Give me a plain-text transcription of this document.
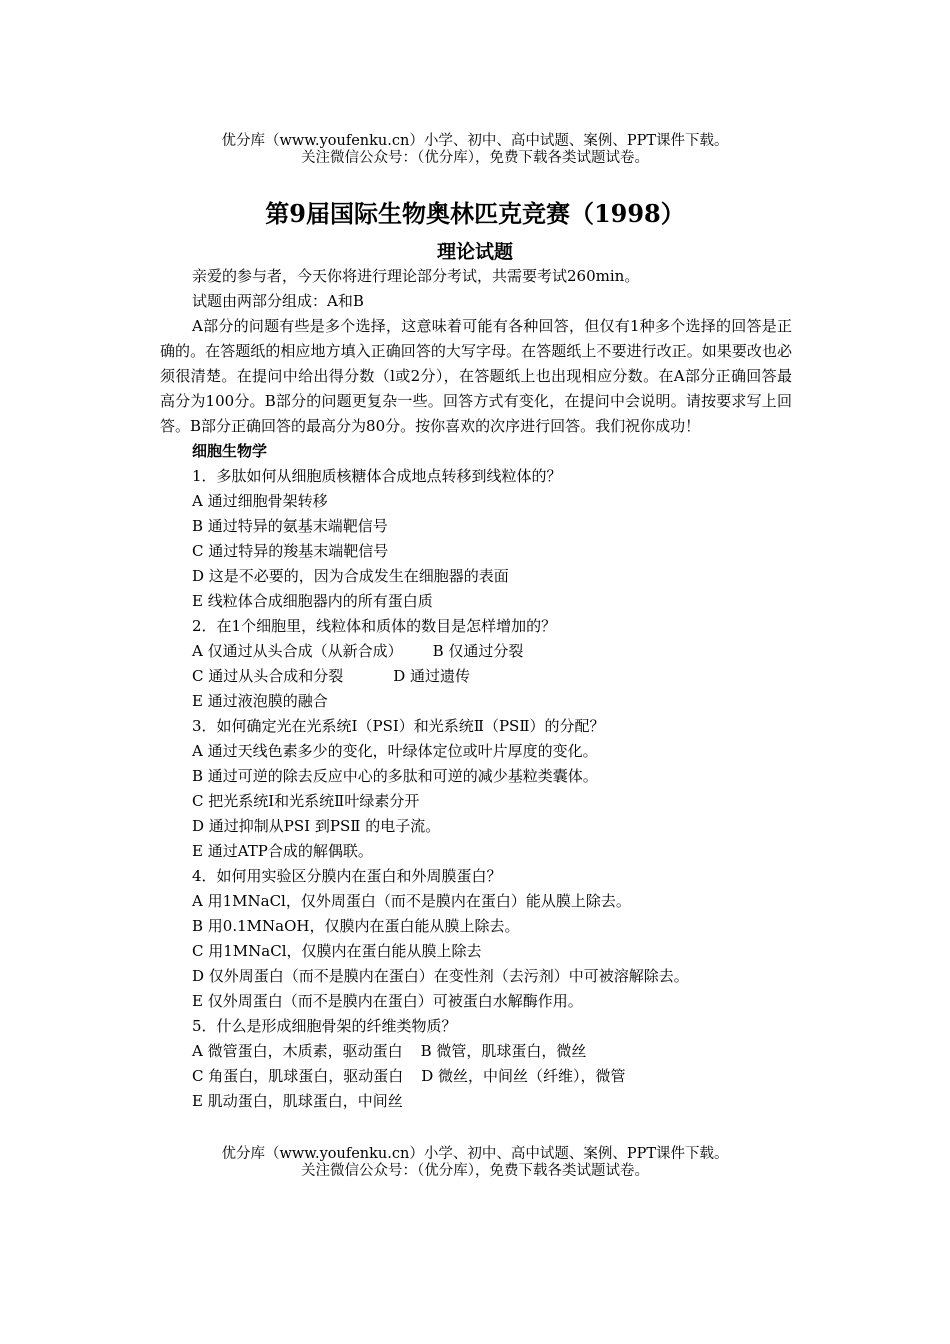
优分库（www.youfenku.cn）小学、初中、高中试题、案例、PPT课件下载。
关注微信公众号：（优分库），免费下载各类试题试卷。
第9届国际生物奥林匹克竞赛（1998）
理论试题
亲爱的参与者，今天你将进行理论部分考试，共需要考试260min。
试题由两部分组成：A和B
A部分的问题有些是多个选择，这意味着可能有各种回答，但仅有1种多个选择的回答是正确的。在答题纸的相应地方填入正确回答的大写字母。在答题纸上不要进行改正。如果要改也必须很清楚。在提问中给出得分数（l或2分），在答题纸上也出现相应分数。在A部分正确回答最高分为100分。B部分的问题更复杂一些。回答方式有变化，在提问中会说明。请按要求写上回答。B部分正确回答的最高分为80分。按你喜欢的次序进行回答。我们祝你成功！
细胞生物学
1．多肽如何从细胞质核糖体合成地点转移到线粒体的？
A 通过细胞骨架转移
B 通过特异的氨基末端靶信号
C 通过特异的羧基末端靶信号
D 这是不必要的，因为合成发生在细胞器的表面
E 线粒体合成细胞器内的所有蛋白质
2．在1个细胞里，线粒体和质体的数目是怎样增加的？
A 仅通过从头合成（从新合成） B 仅通过分裂
C 通过从头合成和分裂	D 通过遗传
E 通过液泡膜的融合
3．如何确定光在光系统Ⅰ（PSⅠ）和光系统Ⅱ（PSⅡ）的分配？
A 通过天线色素多少的变化，叶绿体定位或叶片厚度的变化。
B 通过可逆的除去反应中心的多肽和可逆的减少基粒类囊体。
C 把光系统Ⅰ和光系统Ⅱ叶绿素分开
D 通过抑制从PSⅠ 到PSⅡ 的电子流。
E 通过ATP合成的解偶联。
4．如何用实验区分膜内在蛋白和外周膜蛋白？
A 用1MNaCl，仅外周蛋白（而不是膜内在蛋白）能从膜上除去。
B 用0.1MNaOH，仅膜内在蛋白能从膜上除去。
C 用1MNaCl，仅膜内在蛋白能从膜上除去
D 仅外周蛋白（而不是膜内在蛋白）在变性剂（去污剂）中可被溶解除去。
E 仅外周蛋白（而不是膜内在蛋白）可被蛋白水解酶作用。
5．什么是形成细胞骨架的纤维类物质？
A 微管蛋白，木质素，驱动蛋白 B 微管，肌球蛋白，微丝
C 角蛋白，肌球蛋白，驱动蛋白 D 微丝，中间丝（纤维），微管
E 肌动蛋白，肌球蛋白，中间丝
优分库（www.youfenku.cn）小学、初中、高中试题、案例、PPT课件下载。
关注微信公众号：（优分库），免费下载各类试题试卷。
